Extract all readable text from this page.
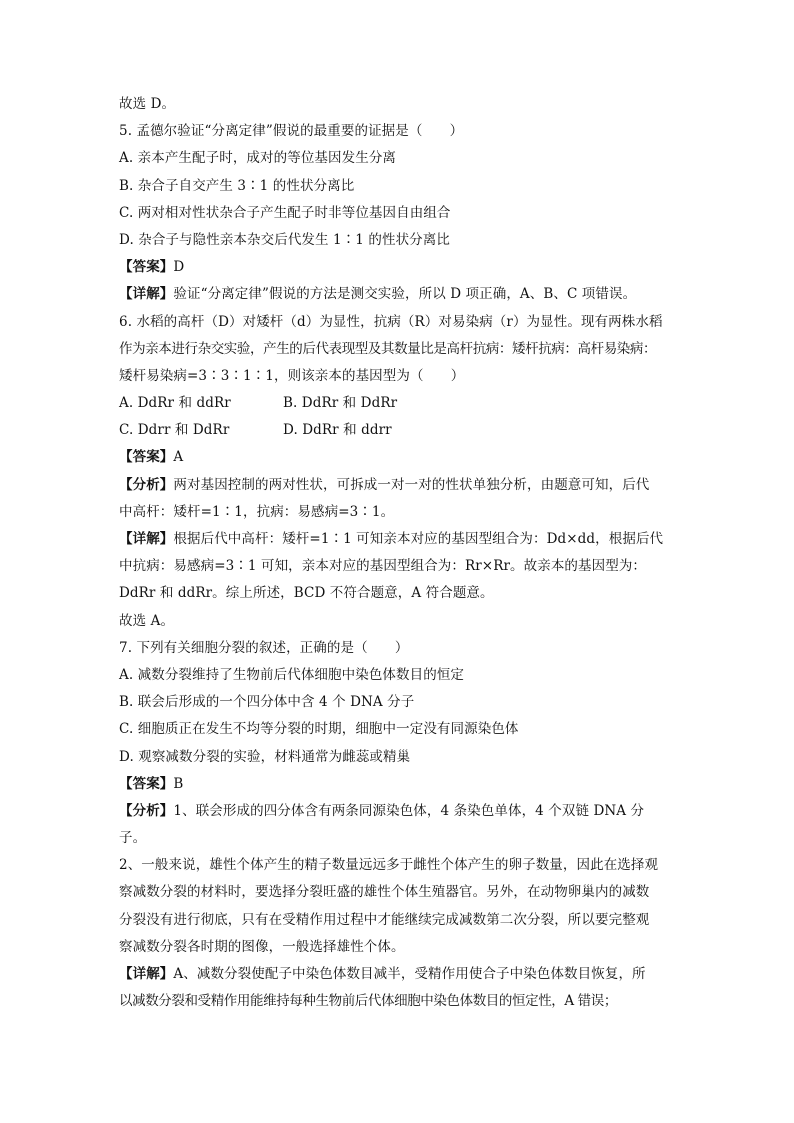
故选 D。
5. 孟德尔验证“分离定律”假说的最重要的证据是（　　）
A. 亲本产生配子时，成对的等位基因发生分离
B. 杂合子自交产生 3∶1 的性状分离比
C. 两对相对性状杂合子产生配子时非等位基因自由组合
D. 杂合子与隐性亲本杂交后代发生 1∶1 的性状分离比
【答案】D
【详解】验证“分离定律”假说的方法是测交实验，所以 D 项正确，A、B、C 项错误。
6. 水稻的高杆（D）对矮杆（d）为显性，抗病（R）对易染病（r）为显性。现有两株水稻
作为亲本进行杂交实验，产生的后代表现型及其数量比是高杆抗病：矮杆抗病：高杆易染病：
矮杆易染病=3∶3∶1∶1，则该亲本的基因型为（　　）
A. DdRr 和 ddRr	B. DdRr 和 DdRr
C. Ddrr 和 DdRr	D. DdRr 和 ddrr
【答案】A
【分析】两对基因控制的两对性状，可拆成一对一对的性状单独分析，由题意可知，后代
中高杆：矮杆=1∶1，抗病：易感病=3∶1。
【详解】根据后代中高杆：矮杆=1∶1 可知亲本对应的基因型组合为：Dd×dd，根据后代
中抗病：易感病=3∶1 可知，亲本对应的基因型组合为：Rr×Rr。故亲本的基因型为：
DdRr 和 ddRr。综上所述，BCD 不符合题意，A 符合题意。
故选 A。
7. 下列有关细胞分裂的叙述，正确的是（　　）
A. 减数分裂维持了生物前后代体细胞中染色体数目的恒定
B. 联会后形成的一个四分体中含 4 个 DNA 分子
C. 细胞质正在发生不均等分裂的时期，细胞中一定没有同源染色体
D. 观察减数分裂的实验，材料通常为雌蕊或精巢
【答案】B
【分析】1、联会形成的四分体含有两条同源染色体，4 条染色单体，4 个双链 DNA 分
子。
2、一般来说，雄性个体产生的精子数量远远多于雌性个体产生的卵子数量，因此在选择观
察减数分裂的材料时，要选择分裂旺盛的雄性个体生殖器官。另外，在动物卵巢内的减数
分裂没有进行彻底，只有在受精作用过程中才能继续完成减数第二次分裂，所以要完整观
察减数分裂各时期的图像，一般选择雄性个体。
【详解】A、减数分裂使配子中染色体数目减半，受精作用使合子中染色体数目恢复，所
以减数分裂和受精作用能维持每种生物前后代体细胞中染色体数目的恒定性，A 错误；
